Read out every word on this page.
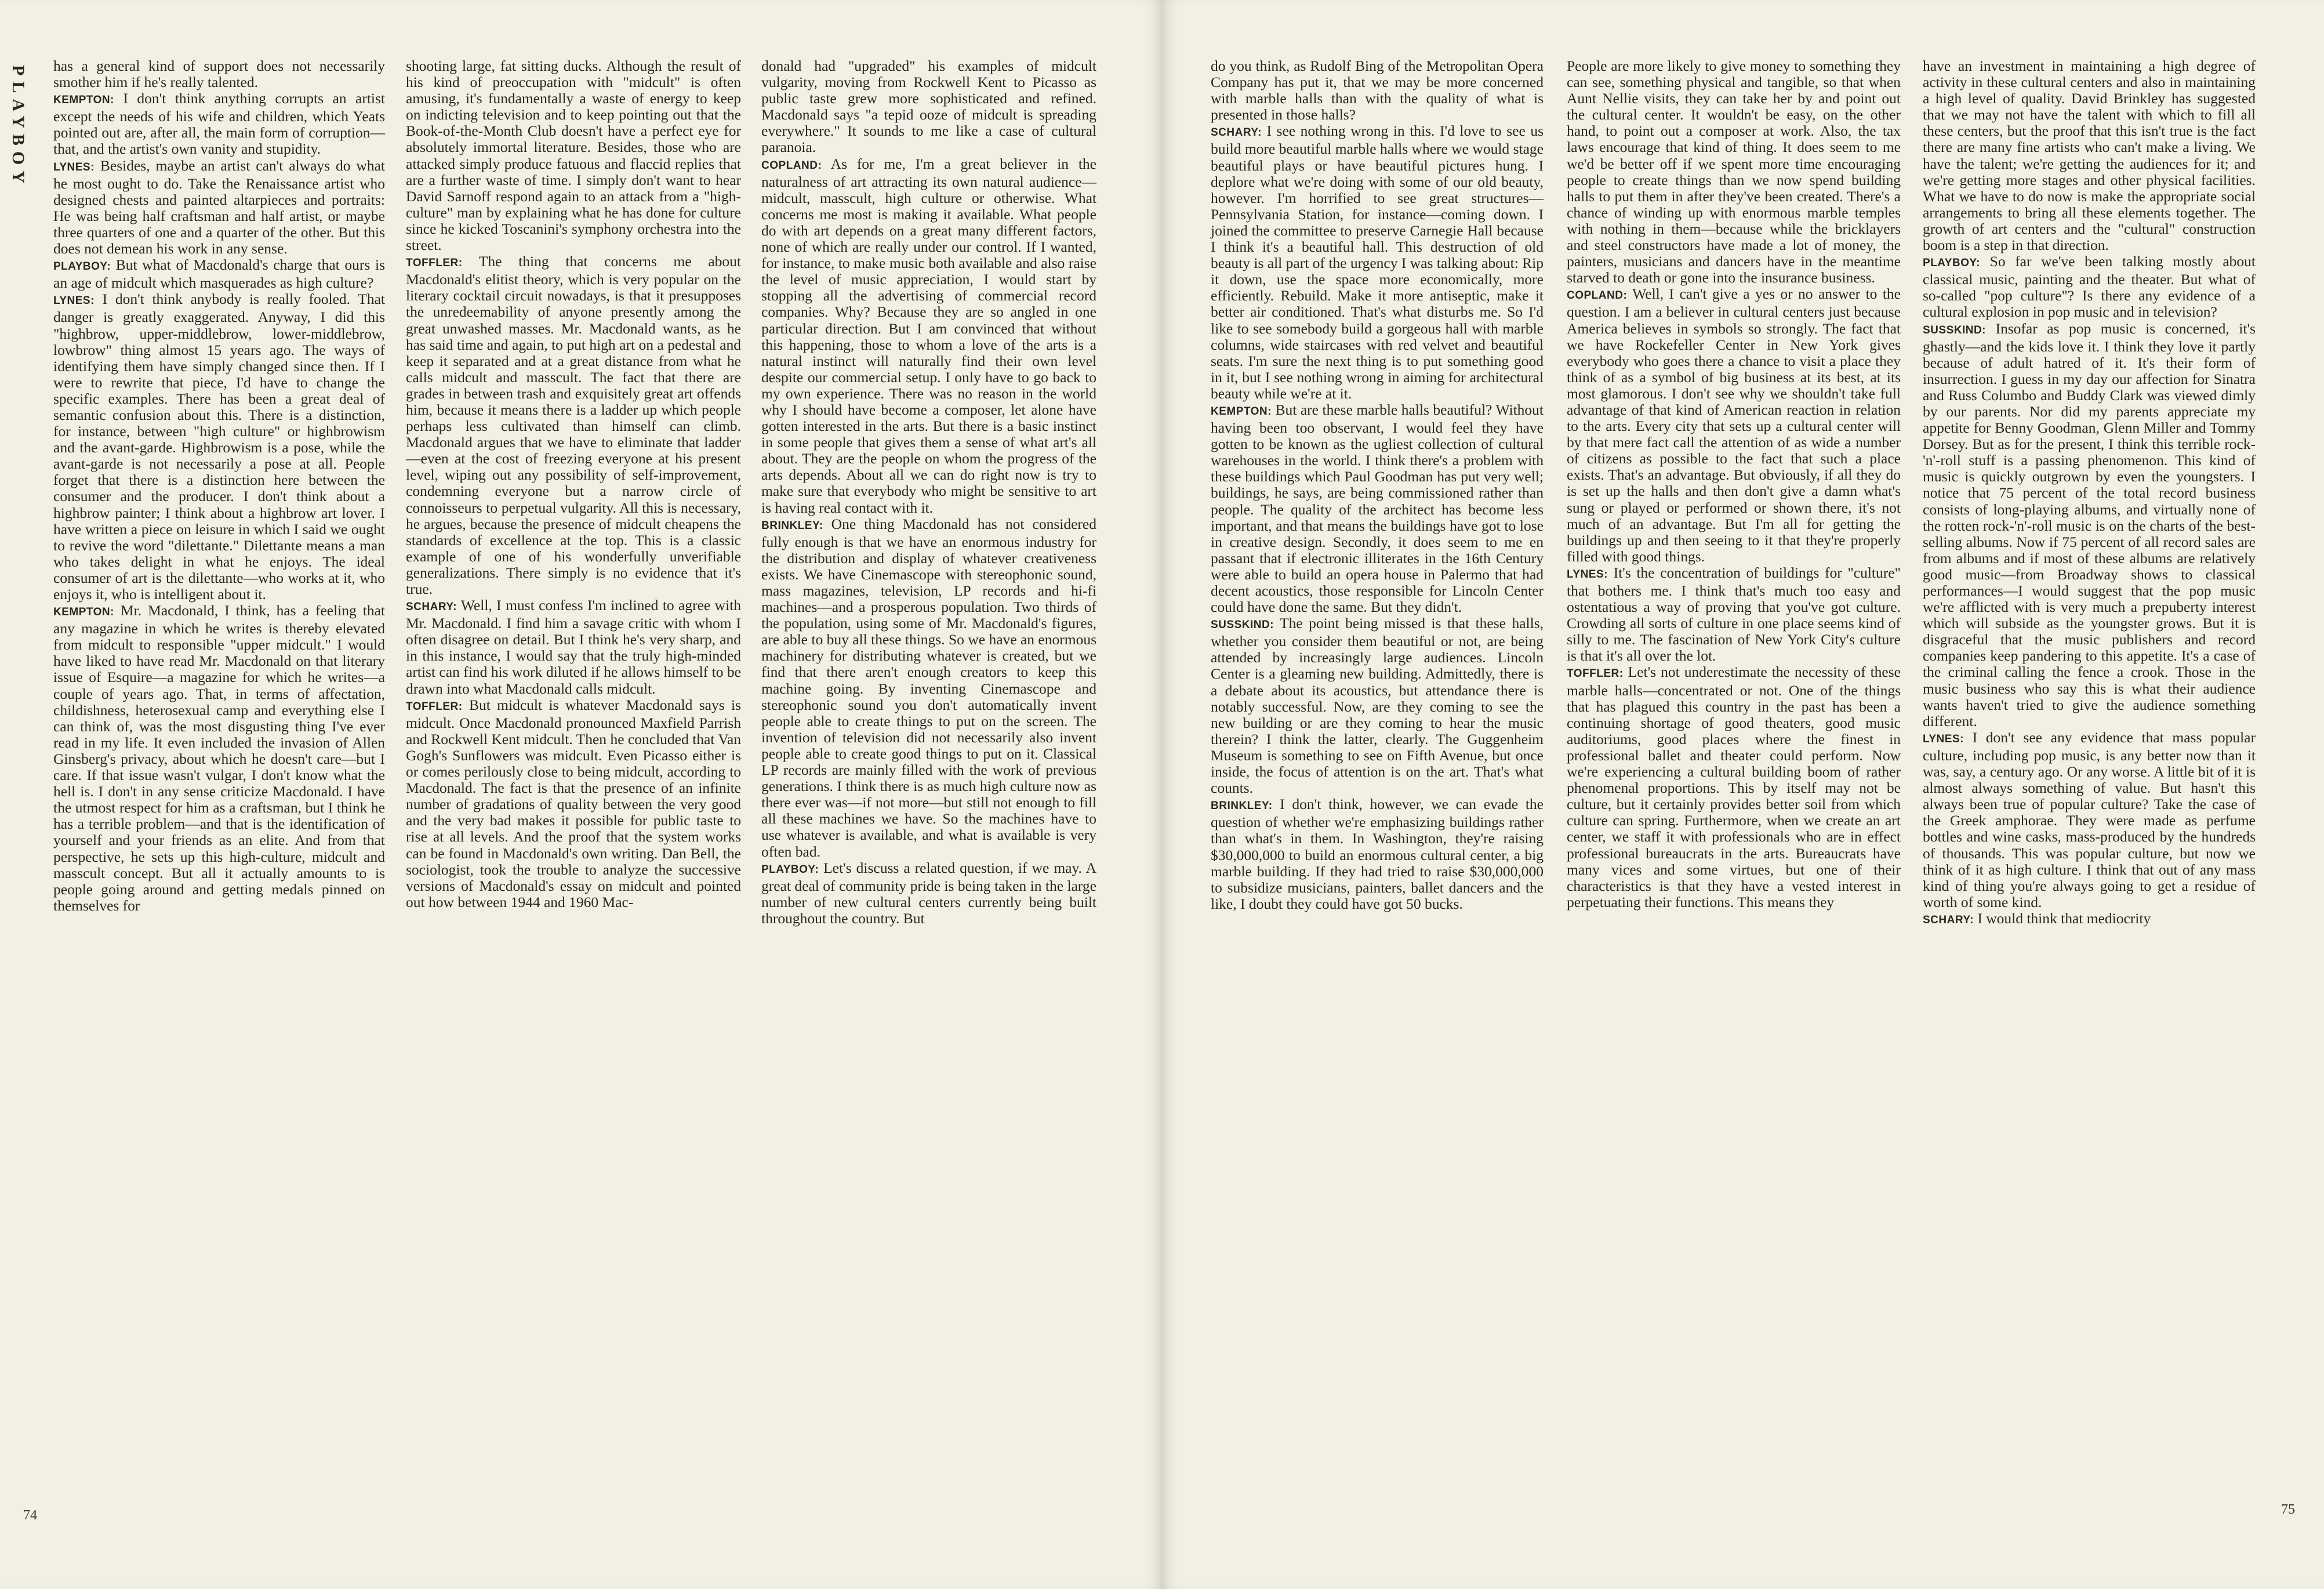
PLAYBOY has a general kind of support does not necessarily smother him if he's really talented.

KEMPTON: I don't think anything corrupts an artist except the needs of his wife and children, which Yeats pointed out are, after all, the main form of corruption—that, and the artist's own vanity and stupidity.

LYNES: Besides, maybe an artist can't always do what he most ought to do. Take the Renaissance artist who designed chests and painted altarpieces and portraits: He was being half craftsman and half artist, or maybe three quarters of one and a quarter of the other. But this does not demean his work in any sense.

PLAYBOY: But what of Macdonald's charge that ours is an age of midcult which masquerades as high culture?

LYNES: I don't think anybody is really fooled. That danger is greatly exaggerated. Anyway, I did this "highbrow, upper-middlebrow, lower-middlebrow, lowbrow" thing almost 15 years ago. The ways of identifying them have simply changed since then. If I were to rewrite that piece, I'd have to change the specific examples. There has been a great deal of semantic confusion about this. There is a distinction, for instance, between "high culture" or highbrowism and the avant-garde. Highbrowism is a pose, while the avant-garde is not necessarily a pose at all. People forget that there is a distinction here between the consumer and the producer. I don't think about a highbrow painter; I think about a highbrow art lover. I have written a piece on leisure in which I said we ought to revive the word "dilettante." Dilettante means a man who takes delight in what he enjoys. The ideal consumer of art is the dilettante—who works at it, who enjoys it, who is intelligent about it.

KEMPTON: Mr. Macdonald, I think, has a feeling that any magazine in which he writes is thereby elevated from midcult to responsible "upper midcult." I would have liked to have read Mr. Macdonald on that literary issue of Esquire—a magazine for which he writes—a couple of years ago. That, in terms of affectation, childishness, heterosexual camp and everything else I can think of, was the most disgusting thing I've ever read in my life. It even included the invasion of Allen Ginsberg's privacy, about which he doesn't care—but I care. If that issue wasn't vulgar, I don't know what the hell is. I don't in any sense criticize Macdonald. I have the utmost respect for him as a craftsman, but I think he has a terrible problem—and that is the identification of yourself and your friends as an elite. And from that perspective, he sets up this high-culture, midcult and masscult concept. But all it actually amounts to is people going around and getting medals pinned on themselves for

shooting large, fat sitting ducks. Although the result of his kind of preoccupation with "midcult" is often amusing, it's fundamentally a waste of energy to keep on indicting television and to keep pointing out that the Book-of-the-Month Club doesn't have a perfect eye for absolutely immortal literature. Besides, those who are attacked simply produce fatuous and flaccid replies that are a further waste of time. I simply don't want to hear David Sarnoff respond again to an attack from a "high-culture" man by explaining what he has done for culture since he kicked Toscanini's symphony orchestra into the street.

TOFFLER: The thing that concerns me about Macdonald's elitist theory, which is very popular on the literary cocktail circuit nowadays, is that it presupposes the unredeemability of anyone presently among the great unwashed masses. Mr. Macdonald wants, as he has said time and again, to put high art on a pedestal and keep it separated and at a great distance from what he calls midcult and masscult. The fact that there are grades in between trash and exquisitely great art offends him, because it means there is a ladder up which people perhaps less cultivated than himself can climb. Macdonald argues that we have to eliminate that ladder—even at the cost of freezing everyone at his present level, wiping out any possibility of self-improvement, condemning everyone but a narrow circle of connoisseurs to perpetual vulgarity. All this is necessary, he argues, because the presence of midcult cheapens the standards of excellence at the top. This is a classic example of one of his wonderfully unverifiable generalizations. There simply is no evidence that it's true.

SCHARY: Well, I must confess I'm inclined to agree with Mr. Macdonald. I find him a savage critic with whom I often disagree on detail. But I think he's very sharp, and in this instance, I would say that the truly high-minded artist can find his work diluted if he allows himself to be drawn into what Macdonald calls midcult.

TOFFLER: But midcult is whatever Macdonald says is midcult. Once Macdonald pronounced Maxfield Parrish and Rockwell Kent midcult. Then he concluded that Van Gogh's Sunflowers was midcult. Even Picasso either is or comes perilously close to being midcult, according to Macdonald. The fact is that the presence of an infinite number of gradations of quality between the very good and the very bad makes it possible for public taste to rise at all levels. And the proof that the system works can be found in Macdonald's own writing. Dan Bell, the sociologist, took the trouble to analyze the successive versions of Macdonald's essay on midcult and pointed out how between 1944 and 1960 Mac-

donald had "upgraded" his examples of midcult vulgarity, moving from Rockwell Kent to Picasso as public taste grew more sophisticated and refined. Macdonald says "a tepid ooze of midcult is spreading everywhere." It sounds to me like a case of cultural paranoia.

COPLAND: As for me, I'm a great believer in the naturalness of art attracting its own natural audience—midcult, masscult, high culture or otherwise. What concerns me most is making it available. What people do with art depends on a great many different factors, none of which are really under our control. If I wanted, for instance, to make music both available and also raise the level of music appreciation, I would start by stopping all the advertising of commercial record companies. Why? Because they are so angled in one particular direction. But I am convinced that without this happening, those to whom a love of the arts is a natural instinct will naturally find their own level despite our commercial setup. I only have to go back to my own experience. There was no reason in the world why I should have become a composer, let alone have gotten interested in the arts. But there is a basic instinct in some people that gives them a sense of what art's all about. They are the people on whom the progress of the arts depends. About all we can do right now is try to make sure that everybody who might be sensitive to art is having real contact with it.

BRINKLEY: One thing Macdonald has not considered fully enough is that we have an enormous industry for the distribution and display of whatever creativeness exists. We have Cinemascope with stereophonic sound, mass magazines, television, LP records and hi-fi machines—and a prosperous population. Two thirds of the population, using some of Mr. Macdonald's figures, are able to buy all these things. So we have an enormous machinery for distributing whatever is created, but we find that there aren't enough creators to keep this machine going. By inventing Cinemascope and stereophonic sound you don't automatically invent people able to create things to put on the screen. The invention of television did not necessarily also invent people able to create good things to put on it. Classical LP records are mainly filled with the work of previous generations. I think there is as much high culture now as there ever was—if not more—but still not enough to fill all these machines we have. So the machines have to use whatever is available, and what is available is very often bad.

PLAYBOY: Let's discuss a related question, if we may. A great deal of community pride is being taken in the large number of new cultural centers currently being built throughout the country. But

74

do you think, as Rudolf Bing of the Metropolitan Opera Company has put it, that we may be more concerned with marble halls than with the quality of what is presented in those halls?

SCHARY: I see nothing wrong in this. I'd love to see us build more beautiful marble halls where we would stage beautiful plays or have beautiful pictures hung. I deplore what we're doing with some of our old beauty, however. I'm horrified to see great structures—Pennsylvania Station, for instance—coming down. I joined the committee to preserve Carnegie Hall because I think it's a beautiful hall. This destruction of old beauty is all part of the urgency I was talking about: Rip it down, use the space more economically, more efficiently. Rebuild. Make it more antiseptic, make it better air conditioned. That's what disturbs me. So I'd like to see somebody build a gorgeous hall with marble columns, wide staircases with red velvet and beautiful seats. I'm sure the next thing is to put something good in it, but I see nothing wrong in aiming for architectural beauty while we're at it.

KEMPTON: But are these marble halls beautiful? Without having been too observant, I would feel they have gotten to be known as the ugliest collection of cultural warehouses in the world. I think there's a problem with these buildings which Paul Goodman has put very well; buildings, he says, are being commissioned rather than people. The quality of the architect has become less important, and that means the buildings have got to lose in creative design. Secondly, it does seem to me en passant that if electronic illiterates in the 16th Century were able to build an opera house in Palermo that had decent acoustics, those responsible for Lincoln Center could have done the same. But they didn't.

SUSSKIND: The point being missed is that these halls, whether you consider them beautiful or not, are being attended by increasingly large audiences. Lincoln Center is a gleaming new building. Admittedly, there is a debate about its acoustics, but attendance there is notably successful. Now, are they coming to see the new building or are they coming to hear the music therein? I think the latter, clearly. The Guggenheim Museum is something to see on Fifth Avenue, but once inside, the focus of attention is on the art. That's what counts.

BRINKLEY: I don't think, however, we can evade the question of whether we're emphasizing buildings rather than what's in them. In Washington, they're raising $30,000,000 to build an enormous cultural center, a big marble building. If they had tried to raise $30,000,000 to subsidize musicians, painters, ballet dancers and the like, I doubt they could have got 50 bucks.

People are more likely to give money to something they can see, something physical and tangible, so that when Aunt Nellie visits, they can take her by and point out the cultural center. It wouldn't be easy, on the other hand, to point out a composer at work. Also, the tax laws encourage that kind of thing. It does seem to me we'd be better off if we spent more time encouraging people to create things than we now spend building halls to put them in after they've been created. There's a chance of winding up with enormous marble temples with nothing in them—because while the bricklayers and steel constructors have made a lot of money, the painters, musicians and dancers have in the meantime starved to death or gone into the insurance business.

COPLAND: Well, I can't give a yes or no answer to the question. I am a believer in cultural centers just because America believes in symbols so strongly. The fact that we have Rockefeller Center in New York gives everybody who goes there a chance to visit a place they think of as a symbol of big business at its best, at its most glamorous. I don't see why we shouldn't take full advantage of that kind of American reaction in relation to the arts. Every city that sets up a cultural center will by that mere fact call the attention of as wide a number of citizens as possible to the fact that such a place exists. That's an advantage. But obviously, if all they do is set up the halls and then don't give a damn what's sung or played or performed or shown there, it's not much of an advantage. But I'm all for getting the buildings up and then seeing to it that they're properly filled with good things.

LYNES: It's the concentration of buildings for "culture" that bothers me. I think that's much too easy and ostentatious a way of proving that you've got culture. Crowding all sorts of culture in one place seems kind of silly to me. The fascination of New York City's culture is that it's all over the lot.

TOFFLER: Let's not underestimate the necessity of these marble halls—concentrated or not. One of the things that has plagued this country in the past has been a continuing shortage of good theaters, good music auditoriums, good places where the finest in professional ballet and theater could perform. Now we're experiencing a cultural building boom of rather phenomenal proportions. This by itself may not be culture, but it certainly provides better soil from which culture can spring. Furthermore, when we create an art center, we staff it with professionals who are in effect professional bureaucrats in the arts. Bureaucrats have many vices and some virtues, but one of their characteristics is that they have a vested interest in perpetuating their functions. This means they

have an investment in maintaining a high degree of activity in these cultural centers and also in maintaining a high level of quality. David Brinkley has suggested that we may not have the talent with which to fill all these centers, but the proof that this isn't true is the fact there are many fine artists who can't make a living. We have the talent; we're getting the audiences for it; and we're getting more stages and other physical facilities. What we have to do now is make the appropriate social arrangements to bring all these elements together. The growth of art centers and the "cultural" construction boom is a step in that direction.

PLAYBOY: So far we've been talking mostly about classical music, painting and the theater. But what of so-called "pop culture"? Is there any evidence of a cultural explosion in pop music and in television?

SUSSKIND: Insofar as pop music is concerned, it's ghastly—and the kids love it. I think they love it partly because of adult hatred of it. It's their form of insurrection. I guess in my day our affection for Sinatra and Russ Columbo and Buddy Clark was viewed dimly by our parents. Nor did my parents appreciate my appetite for Benny Goodman, Glenn Miller and Tommy Dorsey. But as for the present, I think this terrible rock-'n'-roll stuff is a passing phenomenon. This kind of music is quickly outgrown by even the youngsters. I notice that 75 percent of the total record business consists of long-playing albums, and virtually none of the rotten rock-'n'-roll music is on the charts of the best-selling albums. Now if 75 percent of all record sales are from albums and if most of these albums are relatively good music—from Broadway shows to classical performances—I would suggest that the pop music we're afflicted with is very much a prepuberty interest which will subside as the youngster grows. But it is disgraceful that the music publishers and record companies keep pandering to this appetite. It's a case of the criminal calling the fence a crook. Those in the music business who say this is what their audience wants haven't tried to give the audience something different.

LYNES: I don't see any evidence that mass popular culture, including pop music, is any better now than it was, say, a century ago. Or any worse. A little bit of it is almost always something of value. But hasn't this always been true of popular culture? Take the case of the Greek amphorae. They were made as perfume bottles and wine casks, mass-produced by the hundreds of thousands. This was popular culture, but now we think of it as high culture. I think that out of any mass kind of thing you're always going to get a residue of worth of some kind.

SCHARY: I would think that mediocrity

75
